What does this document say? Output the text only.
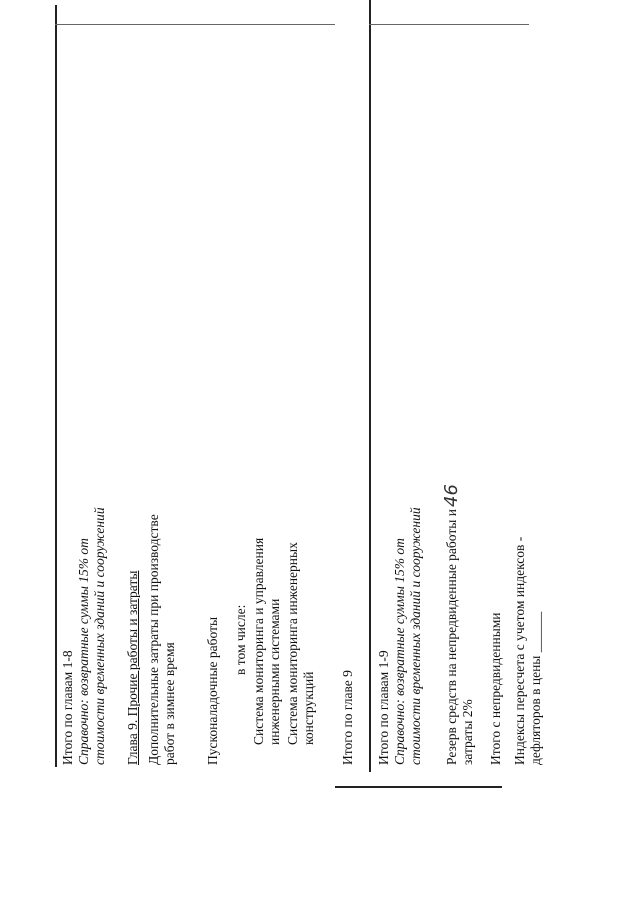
Итого по главам 1-8 Справочно: возвратные суммы 15% от стоимости временных зданий и сооружений Глава 9. Прочие работы и затраты Дополнительные затраты при производстве работ в зимнее время Пусконаладочные работы в том числе: Система мониторинга и управления инженерными системами Система мониторинга инженерных конструкций Итого по главе 9 Итого по главам 1-9 Справочно: возвратные суммы 15% от стоимости временных зданий и сооружений Резерв средств на непредвиденные работы и затраты 2% Итого с непредвиденными Индексы пересчета с учетом индексов - дефляторов в цены ______
46
